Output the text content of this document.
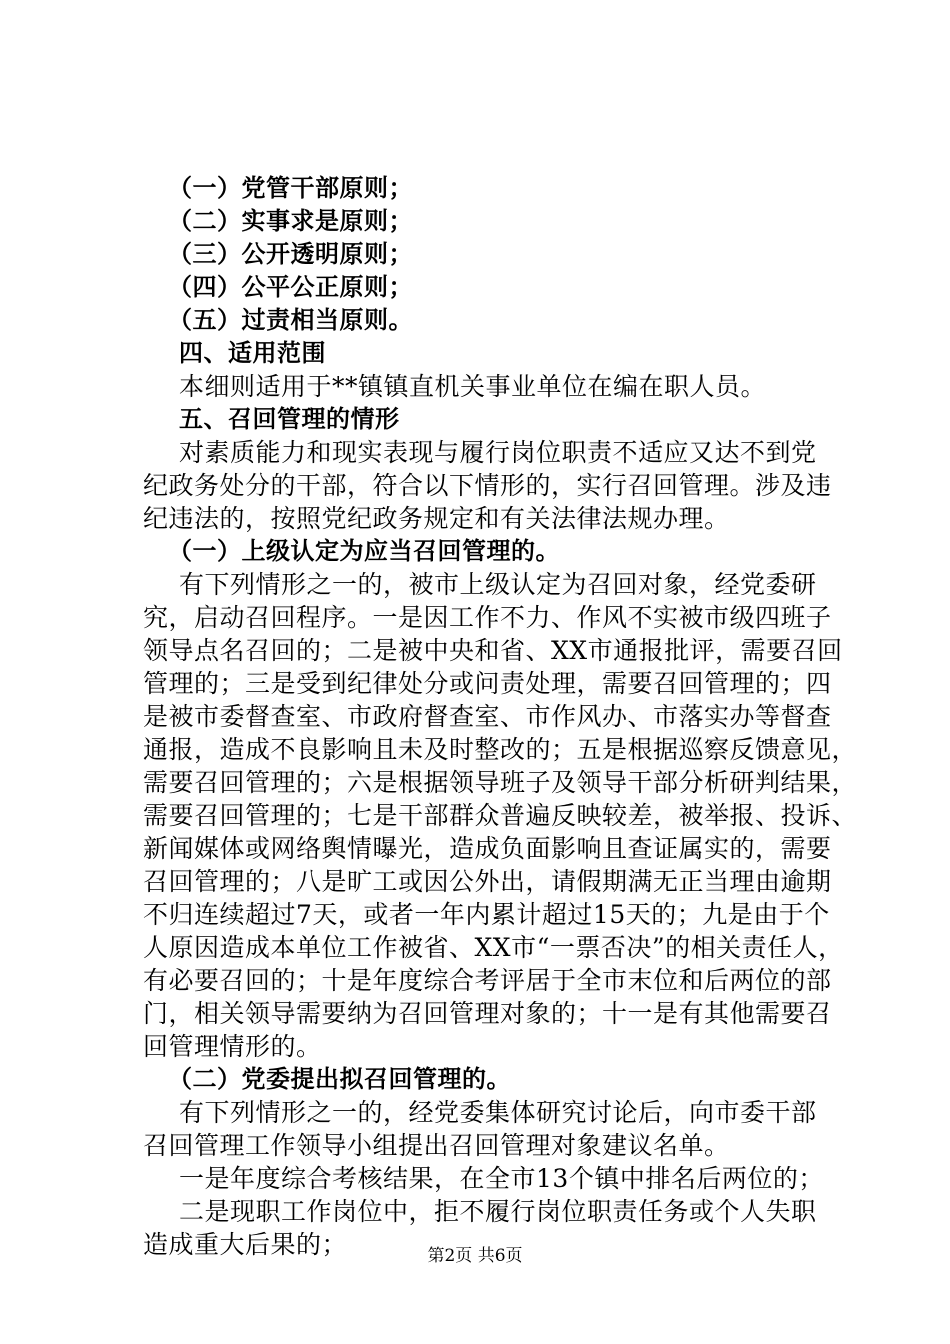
（一）党管干部原则；
（二）实事求是原则；
（三）公开透明原则；
（四）公平公正原则；
（五）过责相当原则。
四、适用范围
本细则适用于**镇镇直机关事业单位在编在职人员。
五、召回管理的情形
对素质能力和现实表现与履行岗位职责不适应又达不到党
纪政务处分的干部，符合以下情形的，实行召回管理。涉及违
纪违法的，按照党纪政务规定和有关法律法规办理。
（一）上级认定为应当召回管理的。
有下列情形之一的，被市上级认定为召回对象，经党委研
究，启动召回程序。一是因工作不力、作风不实被市级四班子
领导点名召回的；二是被中央和省、XX市通报批评，需要召回
管理的；三是受到纪律处分或问责处理，需要召回管理的；四
是被市委督查室、市政府督查室、市作风办、市落实办等督查
通报，造成不良影响且未及时整改的；五是根据巡察反馈意见，
需要召回管理的；六是根据领导班子及领导干部分析研判结果，
需要召回管理的；七是干部群众普遍反映较差，被举报、投诉、
新闻媒体或网络舆情曝光，造成负面影响且查证属实的，需要
召回管理的；八是旷工或因公外出，请假期满无正当理由逾期
不归连续超过7天，或者一年内累计超过15天的；九是由于个
人原因造成本单位工作被省、XX市“一票否决”的相关责任人，
有必要召回的；十是年度综合考评居于全市末位和后两位的部
门，相关领导需要纳为召回管理对象的；十一是有其他需要召
回管理情形的。
（二）党委提出拟召回管理的。
有下列情形之一的，经党委集体研究讨论后，向市委干部
召回管理工作领导小组提出召回管理对象建议名单。
一是年度综合考核结果，在全市13个镇中排名后两位的；
二是现职工作岗位中，拒不履行岗位职责任务或个人失职
造成重大后果的；	第2页 共6页
